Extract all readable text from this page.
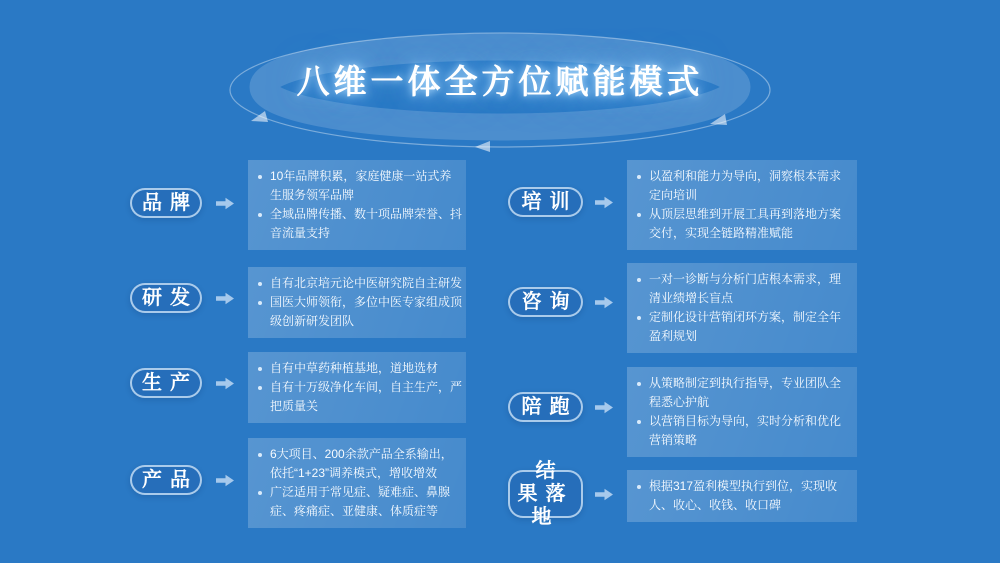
八维一体全方位赋能模式
品牌
10年品牌积累，家庭健康一站式养生服务领军品牌
全域品牌传播、数十项品牌荣誉、抖音流量支持
研发
自有北京培元论中医研究院自主研发
国医大师领衔，多位中医专家组成顶级创新研发团队
生产
自有中草药种植基地，道地选材
自有十万级净化车间，自主生产，严把质量关
产品
6大项目、200余款产品全系输出，依托“1+23”调养模式，增收增效
广泛适用于常见症、疑难症、鼻腺症、疼痛症、亚健康、体质症等
培训
以盈利和能力为导向，洞察根本需求定向培训
从顶层思维到开展工具再到落地方案交付，实现全链路精准赋能
咨询
一对一诊断与分析门店根本需求，理清业绩增长盲点
定制化设计营销闭环方案，制定全年盈利规划
陪跑
从策略制定到执行指导，专业团队全程悉心护航
以营销目标为导向，实时分析和优化营销策略
结果落地
根据317盈利模型执行到位，实现收人、收心、收钱、收口碑
